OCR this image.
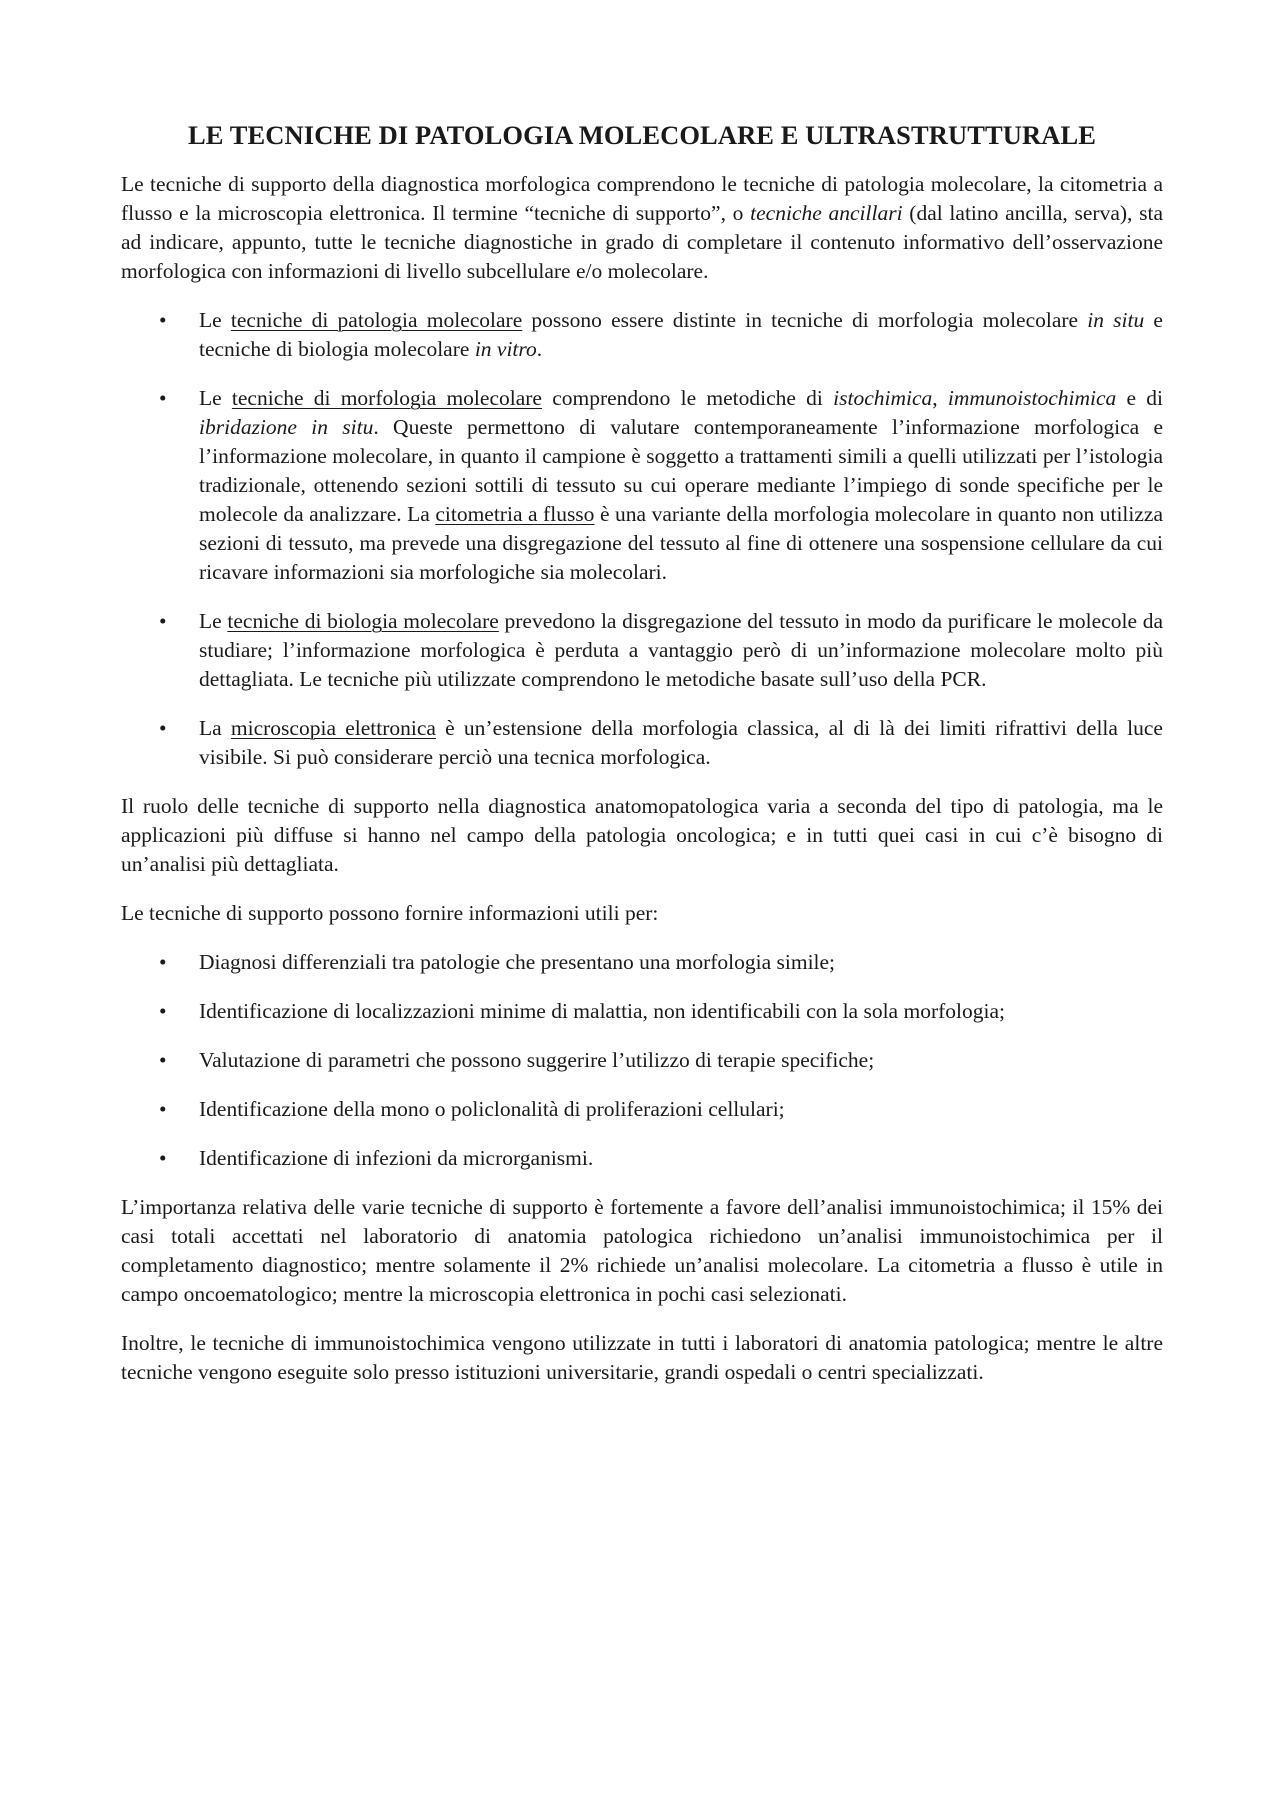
LE TECNICHE DI PATOLOGIA MOLECOLARE E ULTRASTRUTTURALE

Le tecniche di supporto della diagnostica morfologica comprendono le tecniche di patologia molecolare, la citometria a flusso e la microscopia elettronica. Il termine “tecniche di supporto”, o tecniche ancillari (dal latino ancilla, serva), sta ad indicare, appunto, tutte le tecniche diagnostiche in grado di completare il contenuto informativo dell’osservazione morfologica con informazioni di livello subcellulare e/o molecolare.

• Le tecniche di patologia molecolare possono essere distinte in tecniche di morfologia molecolare in situ e tecniche di biologia molecolare in vitro.
• Le tecniche di morfologia molecolare comprendono le metodiche di istochimica, immunoistochimica e di ibridazione in situ. Queste permettono di valutare contemporaneamente l’informazione morfologica e l’informazione molecolare, in quanto il campione è soggetto a trattamenti simili a quelli utilizzati per l’istologia tradizionale, ottenendo sezioni sottili di tessuto su cui operare mediante l’impiego di sonde specifiche per le molecole da analizzare. La citometria a flusso è una variante della morfologia molecolare in quanto non utilizza sezioni di tessuto, ma prevede una disgregazione del tessuto al fine di ottenere una sospensione cellulare da cui ricavare informazioni sia morfologiche sia molecolari.
• Le tecniche di biologia molecolare prevedono la disgregazione del tessuto in modo da purificare le molecole da studiare; l’informazione morfologica è perduta a vantaggio però di un’informazione molecolare molto più dettagliata. Le tecniche più utilizzate comprendono le metodiche basate sull’uso della PCR.
• La microscopia elettronica è un’estensione della morfologia classica, al di là dei limiti rifrattivi della luce visibile. Si può considerare perciò una tecnica morfologica.

Il ruolo delle tecniche di supporto nella diagnostica anatomopatologica varia a seconda del tipo di patologia, ma le applicazioni più diffuse si hanno nel campo della patologia oncologica; e in tutti quei casi in cui c’è bisogno di un’analisi più dettagliata.

Le tecniche di supporto possono fornire informazioni utili per:

• Diagnosi differenziali tra patologie che presentano una morfologia simile;
• Identificazione di localizzazioni minime di malattia, non identificabili con la sola morfologia;
• Valutazione di parametri che possono suggerire l’utilizzo di terapie specifiche;
• Identificazione della mono o policlonalità di proliferazioni cellulari;
• Identificazione di infezioni da microrganismi.

L’importanza relativa delle varie tecniche di supporto è fortemente a favore dell’analisi immunoistochimica; il 15% dei casi totali accettati nel laboratorio di anatomia patologica richiedono un’analisi immunoistochimica per il completamento diagnostico; mentre solamente il 2% richiede un’analisi molecolare. La citometria a flusso è utile in campo oncoematologico; mentre la microscopia elettronica in pochi casi selezionati.

Inoltre, le tecniche di immunoistochimica vengono utilizzate in tutti i laboratori di anatomia patologica; mentre le altre tecniche vengono eseguite solo presso istituzioni universitarie, grandi ospedali o centri specializzati.
